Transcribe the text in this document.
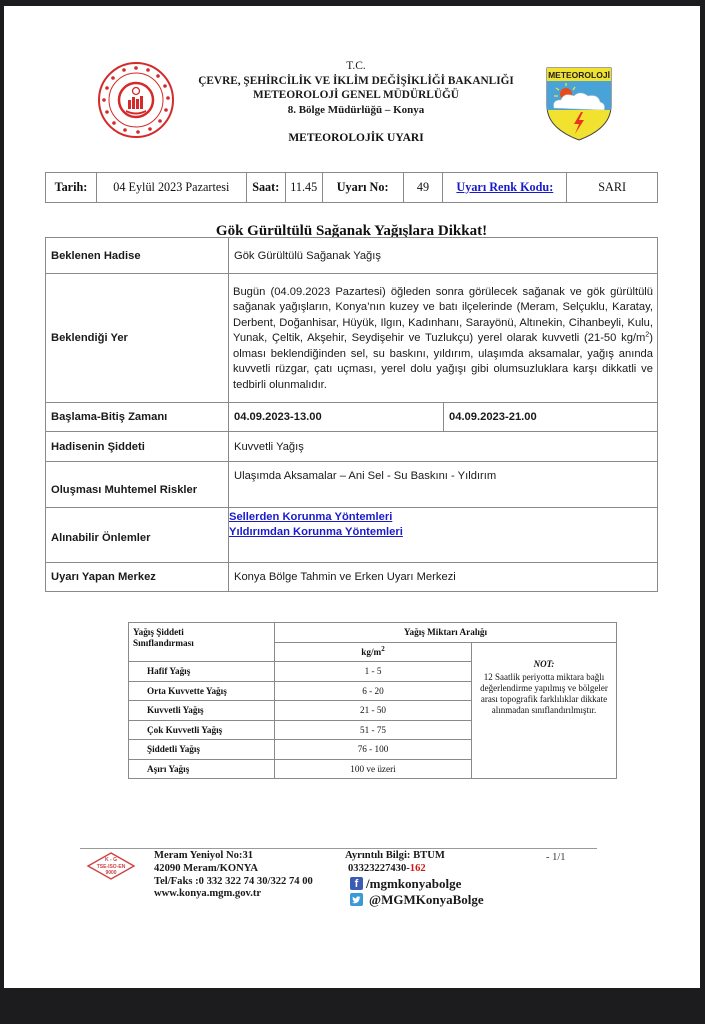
T.C.
ÇEVRE, ŞEHİRCİLİK VE İKLİM DEĞİŞİKLİĞİ BAKANLIĞI
METEOROLOJİ GENEL MÜDÜRLÜĞÜ
8. Bölge Müdürlüğü – Konya
METEOROLOJİK UYARI
METEOROLOJİ
Tarih:	04 Eylül 2023 Pazartesi	Saat:	11.45	Uyarı No:	49	Uyarı Renk Kodu:	SARI
Gök Gürültülü Sağanak Yağışlara Dikkat!
Beklenen Hadise	Gök Gürültülü Sağanak Yağış	
Beklendiği Yer	Bugün (04.09.2023 Pazartesi) öğleden sonra görülecek sağanak ve gök gürültülü sağanak yağışların, Konya’nın kuzey ve batı ilçelerinde (Meram, Selçuklu, Karatay, Derbent, Doğanhisar, Hüyük, Ilgın, Kadınhanı, Sarayönü, Altınekin, Cihanbeyli, Kulu, Yunak, Çeltik, Akşehir, Seydişehir ve Tuzlukçu) yerel olarak kuvvetli (21-50 $kg/m^2$) olması beklendiğinden sel, su baskını, yıldırım, ulaşımda aksamalar, yağış anında kuvvetli rüzgar, çatı uçması, yerel dolu yağışı gibi olumsuzluklara karşı dikkatli ve tedbirli olunmalıdır.	
Başlama-Bitiş Zamanı	04.09.2023-13.00	04.09.2023-21.00
Hadisenin Şiddeti	Kuvvetli Yağış	
Oluşması Muhtemel Riskler	Ulaşımda Aksamalar – Ani Sel - Su Baskını - Yıldırım	
Alınabilir Önlemler	Sellerden Korunma Yöntemleri
Yıldırımdan Korunma Yöntemleri	

Uyarı Yapan Merkez	Konya Bölge Tahmin ve Erken Uyarı Merkezi	
Yağış Şiddeti
Sınıflandırması	Yağış Miktarı Aralığı	
	$kg/m^2$	NOT:
12 Saatlik periyotta miktara bağlı değerlendirme yapılmış ve bölgeler arası topografik farklılıklar dikkate alınmadan sınıflandırılmıştır.
Hafif Yağış	1 - 5	
Orta Kuvvette Yağış	6 - 20	
Kuvvetli Yağış	21 - 50	
Çok Kuvvetli Yağış	51 - 75	
Şiddetli Yağış	76 - 100	
Aşırı Yağış	100 ve üzeri	
K - G
TSE-ISO-EN
9000
Meram Yeniyol No:31
42090 Meram/KONYA
Tel/Faks :0 332 322 74 30/322 74 00
www.konya.mgm.gov.tr
Ayrıntılı Bilgi: BTUM
03323227430-162
f /mgmkonyabolge
@MGMKonyaBolge
- 1/1
